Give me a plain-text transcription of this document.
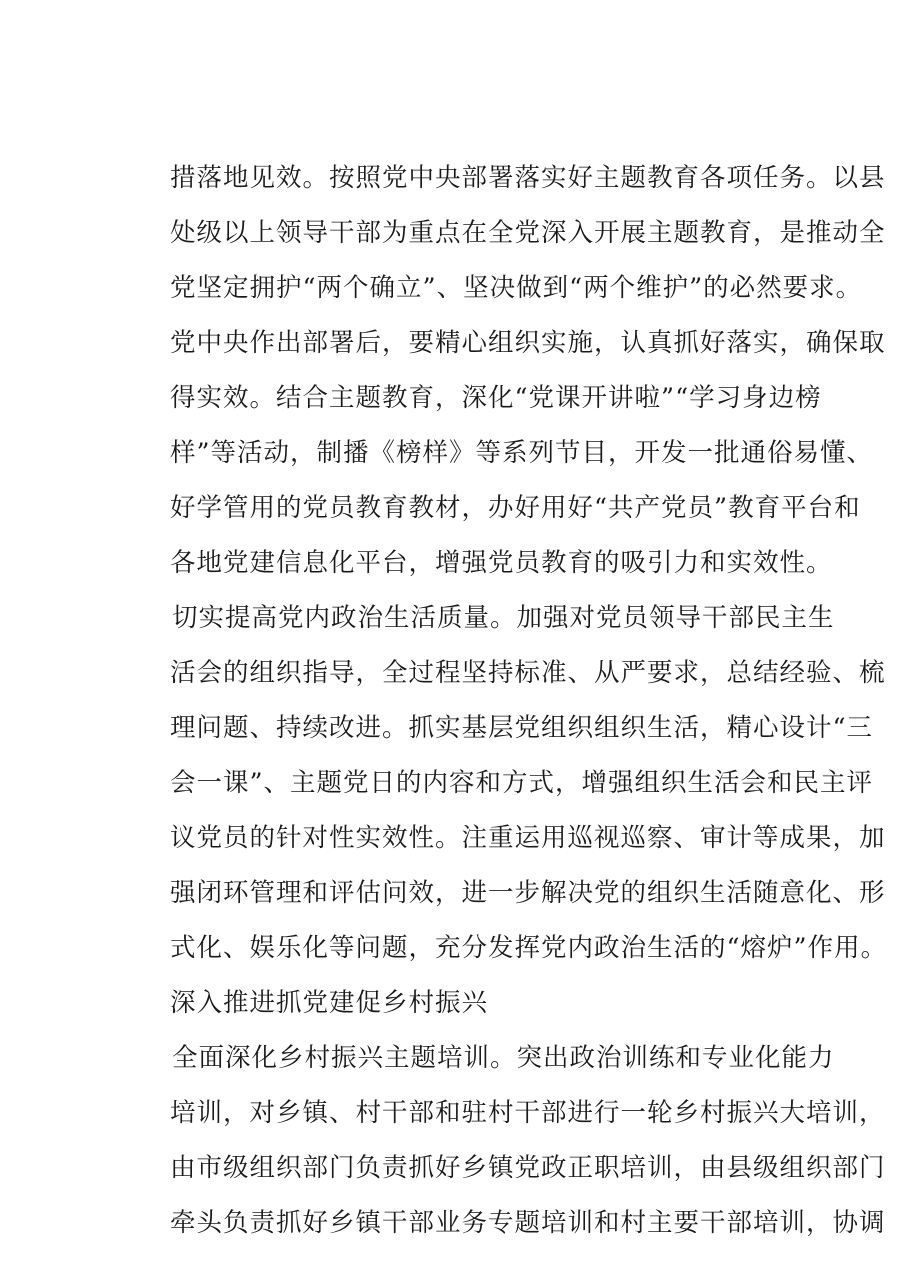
措落地见效。按照党中央部署落实好主题教育各项任务。以县
处级以上领导干部为重点在全党深入开展主题教育，是推动全
党坚定拥护“两个确立”、坚决做到“两个维护”的必然要求。
党中央作出部署后，要精心组织实施，认真抓好落实，确保取
得实效。结合主题教育，深化“党课开讲啦”“学习身边榜
样”等活动，制播《榜样》等系列节目，开发一批通俗易懂、
好学管用的党员教育教材，办好用好“共产党员”教育平台和
各地党建信息化平台，增强党员教育的吸引力和实效性。
切实提高党内政治生活质量。加强对党员领导干部民主生
活会的组织指导，全过程坚持标准、从严要求，总结经验、梳
理问题、持续改进。抓实基层党组织组织生活，精心设计“三
会一课”、主题党日的内容和方式，增强组织生活会和民主评
议党员的针对性实效性。注重运用巡视巡察、审计等成果，加
强闭环管理和评估问效，进一步解决党的组织生活随意化、形
式化、娱乐化等问题，充分发挥党内政治生活的“熔炉”作用。
深入推进抓党建促乡村振兴
全面深化乡村振兴主题培训。突出政治训练和专业化能力
培训，对乡镇、村干部和驻村干部进行一轮乡村振兴大培训，
由市级组织部门负责抓好乡镇党政正职培训，由县级组织部门
牵头负责抓好乡镇干部业务专题培训和村主要干部培训，协调
